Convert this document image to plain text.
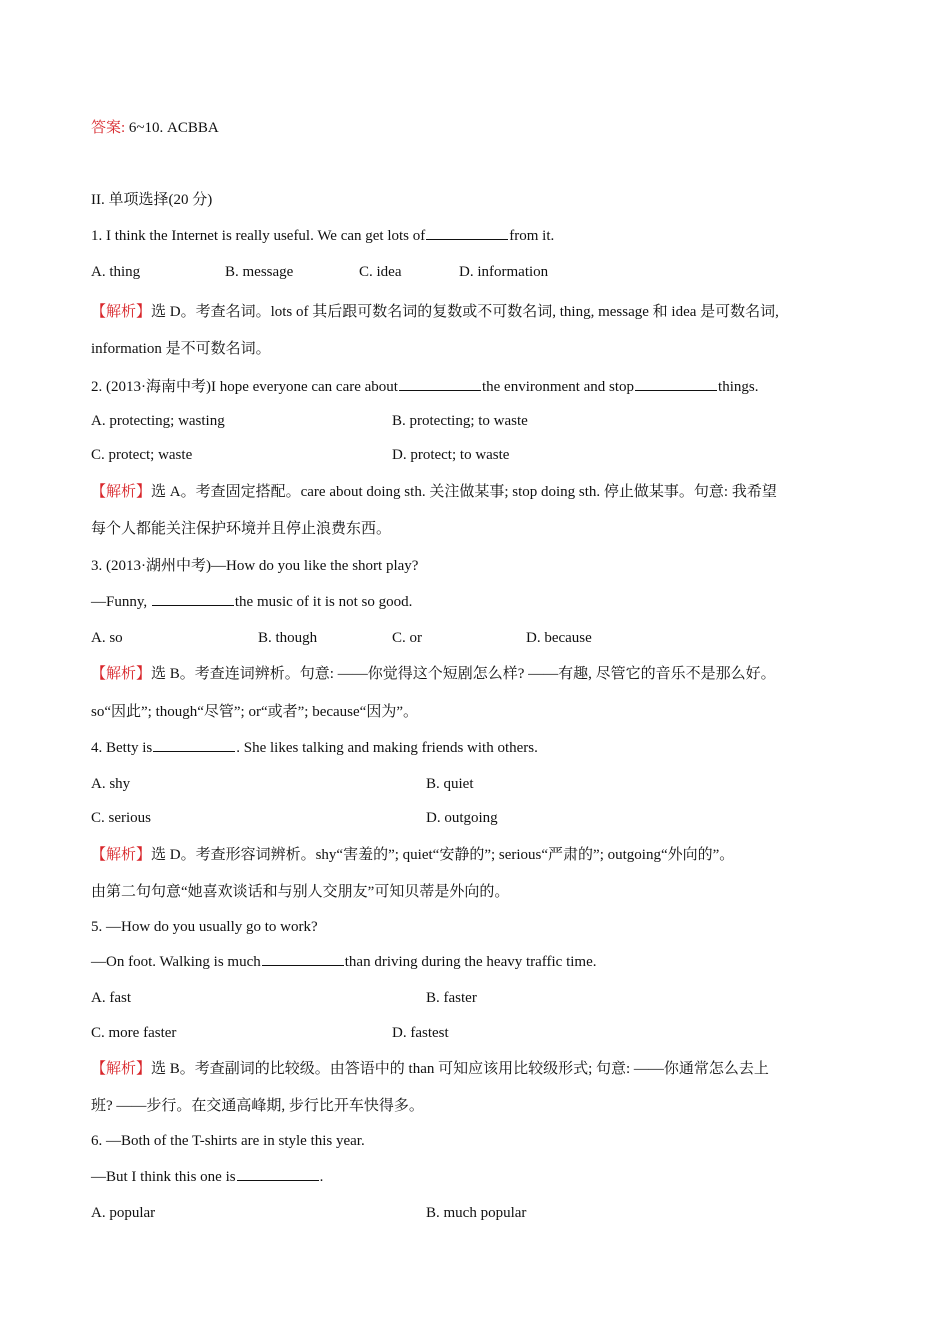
答案: 6~10. ACBBA
II. 单项选择(20 分)
1. I think the Internet is really useful. We can get lots of	from it.
A. thing	B. message	C. idea	D. information
【解析】选 D。考查名词。lots of 其后跟可数名词的复数或不可数名词, thing, message 和 idea 是可数名词,
information 是不可数名词。
2. (2013·海南中考)I hope everyone can care about	the environment and stop	things.
A. protecting; wasting	B. protecting; to waste
C. protect; waste	D. protect; to waste
【解析】选 A。考查固定搭配。care about doing sth. 关注做某事; stop doing sth. 停止做某事。句意: 我希望
每个人都能关注保护环境并且停止浪费东西。
3. (2013·湖州中考)—How do you like the short play?
—Funny,	the music of it is not so good.
A. so	B. though	C. or	D. because
【解析】选 B。考查连词辨析。句意: ——你觉得这个短剧怎么样? ——有趣, 尽管它的音乐不是那么好。
so“因此”; though“尽管”; or“或者”; because“因为”。
4. Betty is	. She likes talking and making friends with others.
A. shy	B. quiet
C. serious	D. outgoing
【解析】选 D。考查形容词辨析。shy“害羞的”; quiet“安静的”; serious“严肃的”; outgoing“外向的”。
由第二句句意“她喜欢谈话和与别人交朋友”可知贝蒂是外向的。
5. —How do you usually go to work?
—On foot. Walking is much	than driving during the heavy traffic time.
A. fast	B. faster
C. more faster	D. fastest
【解析】选 B。考查副词的比较级。由答语中的 than 可知应该用比较级形式; 句意: ——你通常怎么去上
班? ——步行。在交通高峰期, 步行比开车快得多。
6. —Both of the T-shirts are in style this year.
—But I think this one is	.
A. popular	B. much popular
